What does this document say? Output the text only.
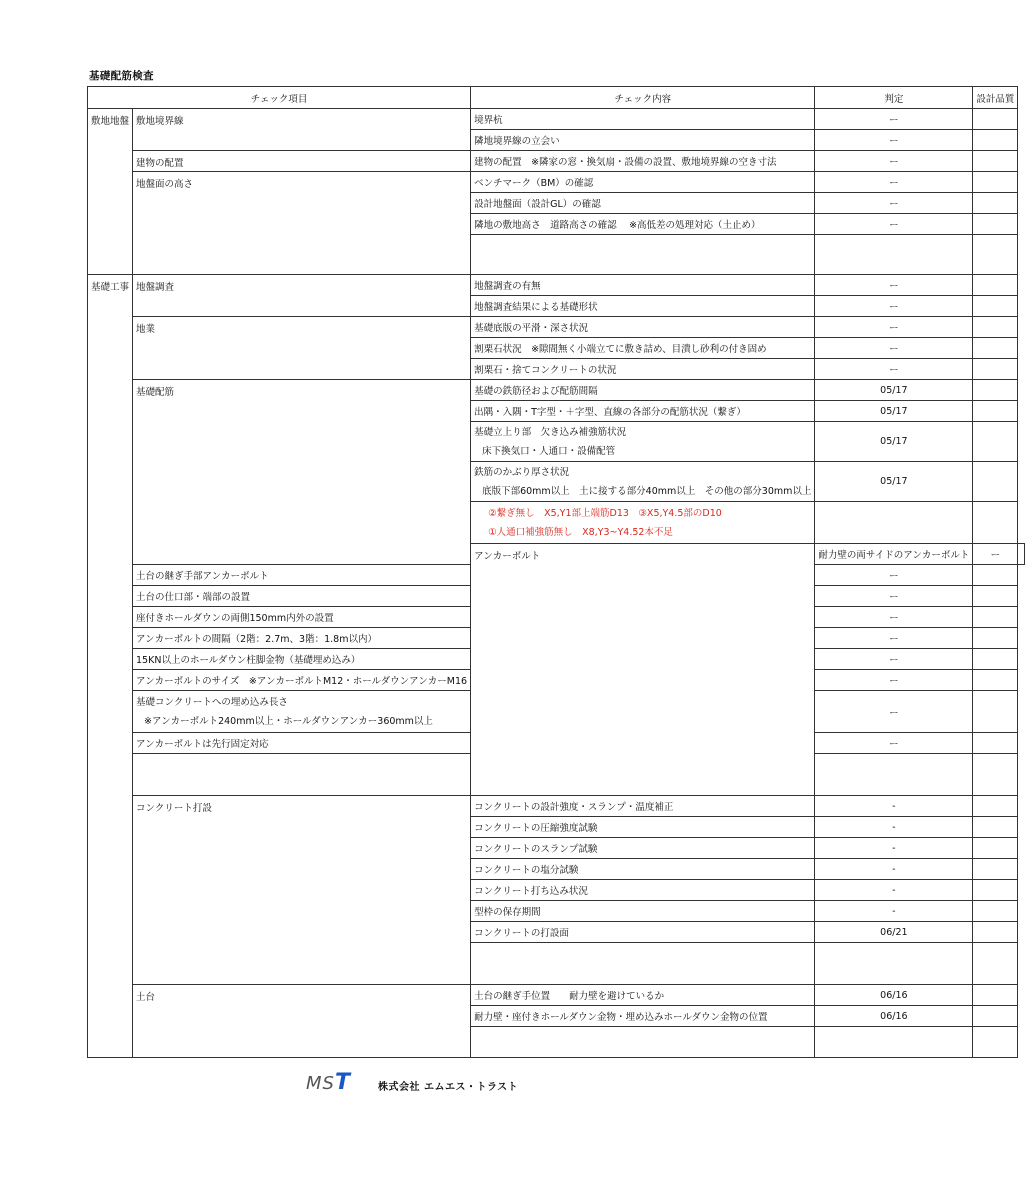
基礎配筋検査
チェック項目		チェック内容	判定	設計品質	
敷地地盤	敷地境界線	境界杭	ー		
		隣地境界線の立会い	ー		
	建物の配置	建物の配置　※隣家の窓・換気扇・設備の設置、敷地境界線の空き寸法	ー		
	地盤面の高さ	ベンチマーク（BM）の確認	ー		
		設計地盤面（設計GL）の確認	ー		
		隣地の敷地高さ　道路高さの確認　 ※高低差の処理対応（土止め）	ー		

基礎工事	地盤調査	地盤調査の有無	ー		
		地盤調査結果による基礎形状	ー		
	地業	基礎底版の平滑・深さ状況	ー		
		割栗石状況　※隙間無く小端立てに敷き詰め、目潰し砂利の付き固め	ー		
		割栗石・捨てコンクリートの状況	ー		
	基礎配筋	基礎の鉄筋径および配筋間隔	05/17		
		出隅・入隅・T字型・＋字型、直線の各部分の配筋状況（繋ぎ）	05/17		

		基礎立上り部　欠き込み補強筋状況
床下換気口・人通口・設備配管	05/17		

		鉄筋のかぶり厚さ状況
底版下部60mm以上　土に接する部分40mm以上　その他の部分30mm以上	05/17		

		②繋ぎ無し　X5,Y1部上端筋D13　③X5,Y4.5部のD10
①人通口補強筋無し　X8,Y3~Y4.52本不足			

		アンカーボルト	耐力壁の両サイドのアンカーボルト	ー	
	土台の継ぎ手部アンカーボルト		ー		
	土台の仕口部・端部の設置		ー		
	座付きホールダウンの両側150mm内外の設置		ー		
	アンカーボルトの間隔（2階：2.7m、3階：1.8m以内）		ー		
	15KN以上のホールダウン柱脚金物（基礎埋め込み）		ー		
	アンカーボルトのサイズ　※アンカーボルトM12・ホールダウンアンカーM16		ー		

	基礎コンクリートへの埋め込み長さ
※アンカーボルト240mm以上・ホールダウンアンカー360mm以上		ー		
	アンカーボルトは先行固定対応		ー		

	コンクリート打設	コンクリートの設計強度・スランプ・温度補正	-		
		コンクリートの圧縮強度試験	-		
		コンクリートのスランプ試験	-		
		コンクリートの塩分試験	-		
		コンクリート打ち込み状況	-		
		型枠の保存期間	-		
		コンクリートの打設面	06/21		

	土台	土台の継ぎ手位置　　耐力壁を避けているか	06/16		
		耐力壁・座付きホールダウン金物・埋め込みホールダウン金物の位置	06/16		

MST	株式会社 エムエス・トラスト
